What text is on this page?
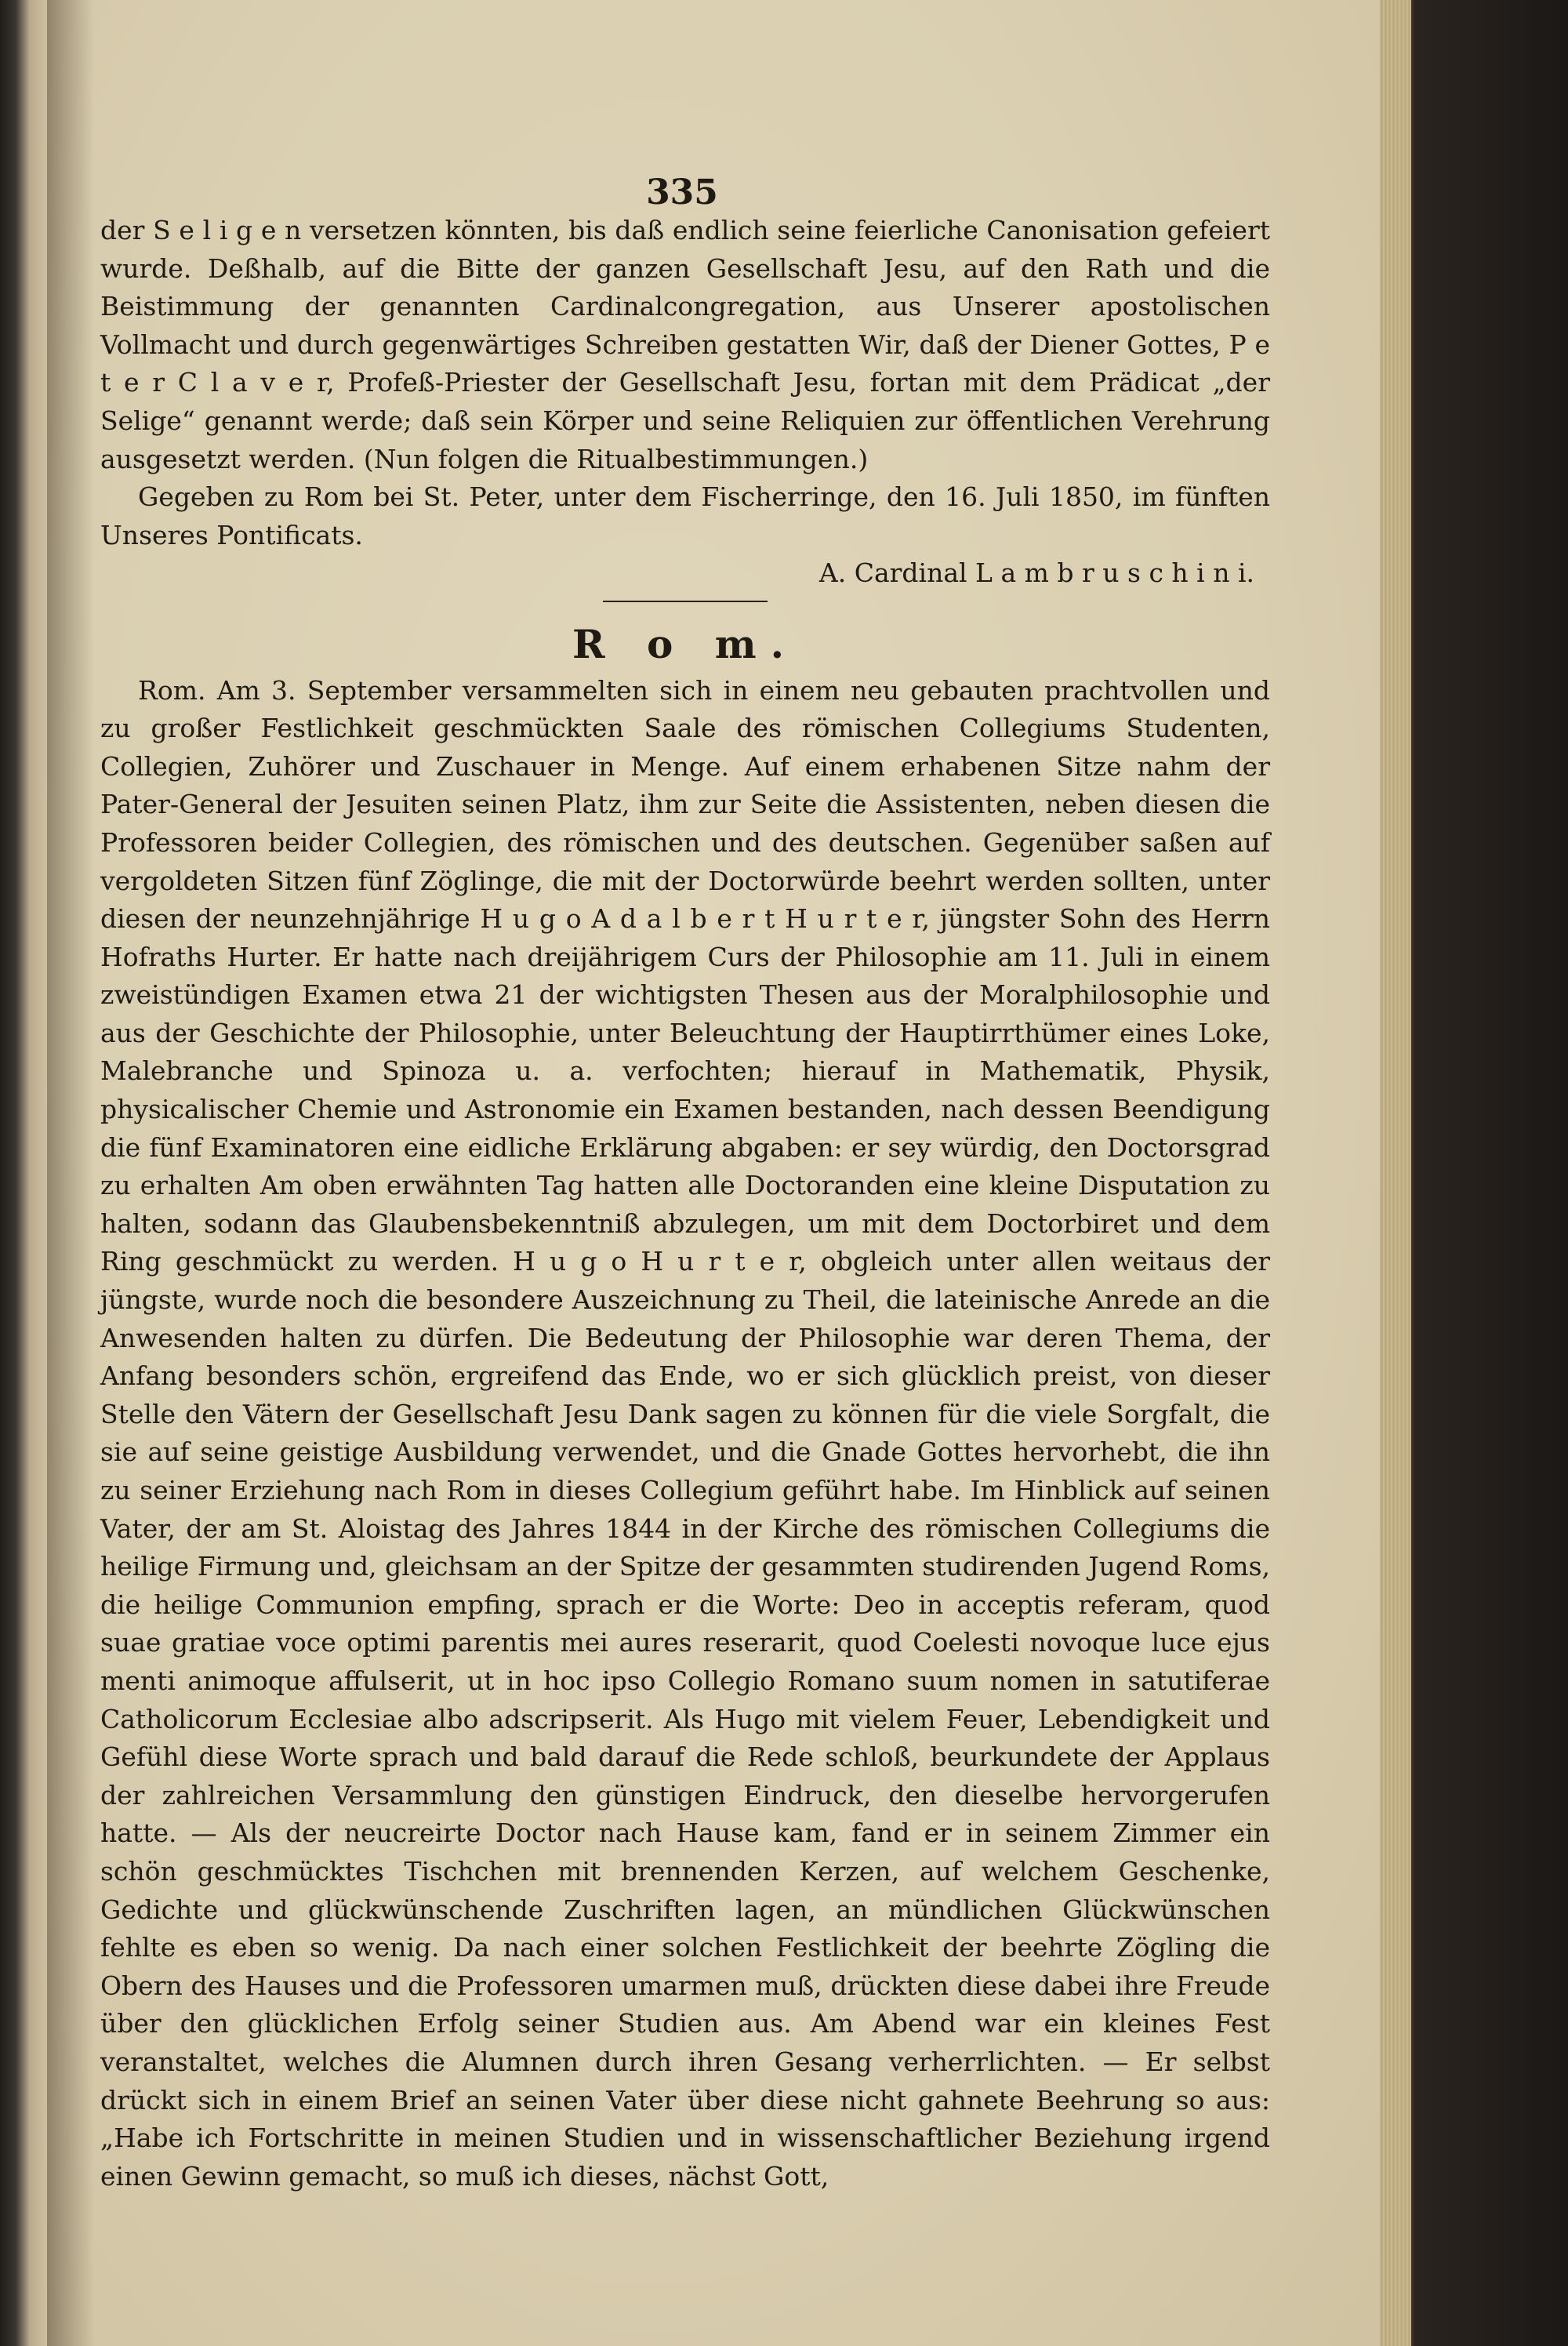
335

der S e l i g e n versetzen könnten, bis daß endlich seine feierliche Canonisation gefeiert wurde. Deßhalb, auf die Bitte der ganzen Gesellschaft Jesu, auf den Rath und die Beistimmung der genannten Cardinalcongregation, aus Unserer apostolischen Vollmacht und durch gegenwärtiges Schreiben gestatten Wir, daß der Diener Gottes, P e t e r C l a v e r, Profeß-Priester der Gesellschaft Jesu, fortan mit dem Prädicat „der Selige“ genannt werde; daß sein Körper und seine Reliquien zur öffentlichen Verehrung ausgesetzt werden. (Nun folgen die Ritualbestimmungen.)

Gegeben zu Rom bei St. Peter, unter dem Fischerringe, den 16. Juli 1850, im fünften Unseres Pontificats.

A. Cardinal L a m b r u s c h i n i.

R o m.

Rom. Am 3. September versammelten sich in einem neu gebauten prachtvollen und zu großer Festlichkeit geschmückten Saale des römischen Collegiums Studenten, Collegien, Zuhörer und Zuschauer in Menge. Auf einem erhabenen Sitze nahm der Pater-General der Jesuiten seinen Platz, ihm zur Seite die Assistenten, neben diesen die Professoren beider Collegien, des römischen und des deutschen. Gegenüber saßen auf vergoldeten Sitzen fünf Zöglinge, die mit der Doctorwürde beehrt werden sollten, unter diesen der neunzehnjährige H u g o A d a l b e r t H u r t e r, jüngster Sohn des Herrn Hofraths Hurter. Er hatte nach dreijährigem Curs der Philosophie am 11. Juli in einem zweistündigen Examen etwa 21 der wichtigsten Thesen aus der Moralphilosophie und aus der Geschichte der Philosophie, unter Beleuchtung der Hauptirrthümer eines Loke, Malebranche und Spinoza u. a. verfochten; hierauf in Mathematik, Physik, physicalischer Chemie und Astronomie ein Examen bestanden, nach dessen Beendigung die fünf Examinatoren eine eidliche Erklärung abgaben: er sey würdig, den Doctorsgrad zu erhalten Am oben erwähnten Tag hatten alle Doctoranden eine kleine Disputation zu halten, sodann das Glaubensbekenntniß abzulegen, um mit dem Doctorbiret und dem Ring geschmückt zu werden. H u g o H u r t e r, obgleich unter allen weitaus der jüngste, wurde noch die besondere Auszeichnung zu Theil, die lateinische Anrede an die Anwesenden halten zu dürfen. Die Bedeutung der Philosophie war deren Thema, der Anfang besonders schön, ergreifend das Ende, wo er sich glücklich preist, von dieser Stelle den Vätern der Gesellschaft Jesu Dank sagen zu können für die viele Sorgfalt, die sie auf seine geistige Ausbildung verwendet, und die Gnade Gottes hervorhebt, die ihn zu seiner Erziehung nach Rom in dieses Collegium geführt habe. Im Hinblick auf seinen Vater, der am St. Aloistag des Jahres 1844 in der Kirche des römischen Collegiums die heilige Firmung und, gleichsam an der Spitze der gesammten studirenden Jugend Roms, die heilige Communion empfing, sprach er die Worte: Deo in acceptis referam, quod suae gratiae voce optimi parentis mei aures reserarit, quod Coelesti novoque luce ejus menti animoque affulserit, ut in hoc ipso Collegio Romano suum nomen in satutiferae Catholicorum Ecclesiae albo adscripserit. Als Hugo mit vielem Feuer, Lebendigkeit und Gefühl diese Worte sprach und bald darauf die Rede schloß, beurkundete der Applaus der zahlreichen Versammlung den günstigen Eindruck, den dieselbe hervorgerufen hatte. — Als der neucreirte Doctor nach Hause kam, fand er in seinem Zimmer ein schön geschmücktes Tischchen mit brennenden Kerzen, auf welchem Geschenke, Gedichte und glückwünschende Zuschriften lagen, an mündlichen Glückwünschen fehlte es eben so wenig. Da nach einer solchen Festlichkeit der beehrte Zögling die Obern des Hauses und die Professoren umarmen muß, drückten diese dabei ihre Freude über den glücklichen Erfolg seiner Studien aus. Am Abend war ein kleines Fest veranstaltet, welches die Alumnen durch ihren Gesang verherrlichten. — Er selbst drückt sich in einem Brief an seinen Vater über diese nicht gahnete Beehrung so aus: „Habe ich Fortschritte in meinen Studien und in wissenschaftlicher Beziehung irgend einen Gewinn gemacht, so muß ich dieses, nächst Gott,
